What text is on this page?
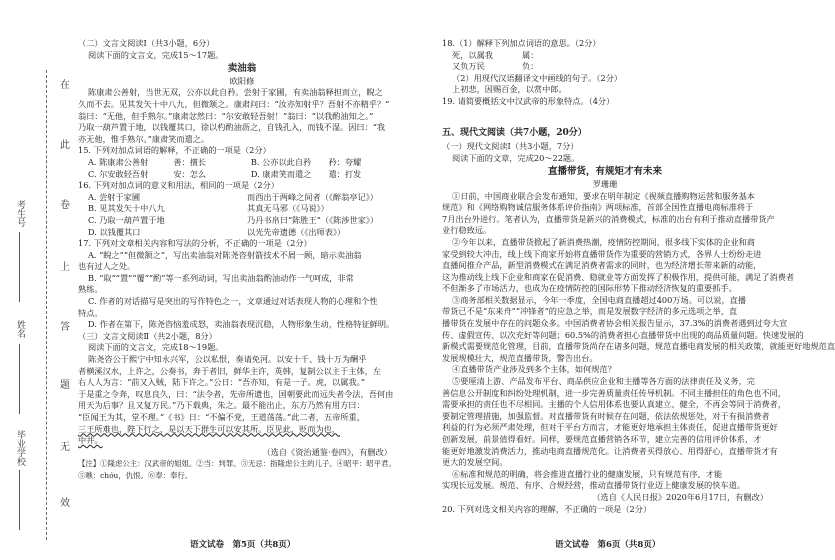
在
此
卷
上
答
题
无
效
考生号
姓名
毕业学校
（二）文言文阅读Ⅰ（共3小题，6分）
阅读下面的文言文，完成15～17题。
卖油翁
欧阳修
陈康肃公善射，当世无双，公亦以此自矜。尝射于家圃，有卖油翁释担而立，睨之
久而不去。见其发矢十中八九，但微颔之。康肃问曰：“汝亦知射乎？吾射不亦精乎？”
翁曰：“无他，但手熟尔。”康肃忿然曰：“尔安敢轻吾射！”翁曰：“以我酌油知之。”
乃取一葫芦置于地，以钱覆其口，徐以杓酌油沥之，自钱孔入，而钱不湿。因曰：“我
亦无他，惟手熟尔。”康肃笑而遣之。
15. 下列对加点词语的解释，不正确的一项是（2分）
A. 陈康肃公善射	善：擅长	B. 公亦以此自矜	矜：夸耀
C. 尔安敢轻吾射	安：怎么	D. 康肃笑而遣之	遣：打发
16. 下列对加点词的意义和用法，相同的一项是（2分）
A. 尝射于家圃	而西出于两峰之间者（《醉翁亭记》）
B. 见其发矢十中八九	其真无马邪（《马说》）
C. 乃取一葫芦置于地	乃丹书帛曰“陈胜王”（《陈涉世家》）
D. 以钱覆其口	以光先帝遗德（《出师表》）
17. 下列对文章相关内容和写法的分析，不正确的一项是（2分）
A. “睨之”“但微颔之”，写出卖油翁对陈尧咨射箭技术不屑一顾，暗示卖油翁
也有过人之处。
B. “取”“置”“覆”“酌”等一系列动词，写出卖油翁酌油动作一气呵成，非常
熟练。
C. 作者的对话描写是突出的写作特色之一，文章通过对话表现人物的心理和个性
特点。
D. 作者在第下，陈尧咨恼羞成怒，卖油翁表现沉稳，人物形象生动，性格特征鲜明。
（三）文言文阅读Ⅱ（共2小题，8分）
阅读下面的文言文，完成18～19题。
陈尧咨公于熙宁中知永兴军，公以私恨，奏请免河。以安十千、钱十万为酬乎
者横溪汉水，上许之，公奏书，奔于者旧，鲜华主许，英韩，复制公以主于主体，左
右人人为言：“前又入贼，陆下许之。”公日：“吾亦知，有是一子。虎，以属我。”
于是重之令奔，叹息良久，曰：“法令者，先帝所遗也，国朝要此而远失者令法，吾何由
用天为后事？且又复万民。”乃下载典，朱之。最不能出止，东方乃然有用方曰：
“臣闻王为其，堂不理。”《书》日：“不偏不党，王道荡荡。”此二者，五帝所重，
三王所难也，陛下行之，是以天下群生可以安其所。臣见此，贬而为也，
中井。
（选自《资治通鉴·卷四》，有删改）
【注】①隆虑公主：汉武帝的姐姐。②当：判罪。③无忌：指隆虑公主的儿子。④昭平：昭平君。
⑤噍：chóu，仇恨。⑥奉：奉行。
18.（1）解释下列加点词语的意思。（2分）
死，以属我	属：
又负万民	负：
（2）用现代汉语翻译文中画线的句子。（2分）
上初悲，因赐百金，以赏中郎。
19. 请简要概括文中汉武帝的形象特点。（4分）
五、现代文阅读（共7小题，20分）
（一）现代文阅读Ⅰ（共3小题，7分）
阅读下面的文章，完成20～22题。
直播带货，有规矩才有未来
罗珊珊
①日前，中国商业联合会发布通知，要求在明年制定《视频直播购物运营和服务基本
规范》和《网络购物诚信服务体系评价指南》两项标准，首部全国性直播电商标准将于
7月出台外进行。笔者认为，直播带货是新兴的消费模式，标准的出台有利于推动直播带货产
业行稳致远。
②今年以来，直播带货掀起了新消费热潮，疫情防控期间，很多线下实体的企业和商
家受到较大冲击，线上线下商家开始将直播带货作为重要的营销方式，各界人士纷纷走进
直播间推介产品，新型消费模式在满足消费者需求的同时，也为经济增长带来新的动能，
这为推动线上线下企业和商家在促消费、稳就业等方面发挥了积极作用，提供可能，满足了消费者
不但渐多了市场活力，也成为在疫情防控的国际形势下推动经济恢复的重要抓手。
③商务部相关数据显示，今年一季度，全国电商直播超过400万场。可以说，直播
带货已不是“东来舟”“冲锋者”的应急之举，而是发展数字经济的多元选项之举，直
播带货在发展中存在的问题众多。中国消费者协会相关报告显示，37.3%的消费者遇到过夸大宣
传、虚假宣传、以次充好等问题；60.5%的消费者担心直播带货中出现的商品质量问题。快速发展的
新模式需要规范化管理，目前，直播带货尚存在诸多问题，规范直播电商发展的相关政策，就能更好地规范直
发展规模壮大，规范直播带货，警告出台。
④直播带货产业涉及到多个主体，如何规范？
⑤要厘清上游、产品发布平台、商品供应企业和主播等各方面的法律责任及义务，完
善信息公开制度和纠纷处理机制，进一步完善质量责任传导机制。不同主播担任的角色也不同，
需要承担的责任也不尽相同。主播的个人信用体系也要认真建立、健全，不再会等同于消费者，
要制定管理措施，加强监督。对直播带货有时候存在问题，依法依规惩处，对于有损消费者
利益的行为必须严肃处理，但对于平台方而言，才能更好地承担主体责任，促进直播带货更好
创新发展，前景值得看好。同样，要规范直播营销各环节，建立完善的信用评价体系，才
能更好地激发消费活力，推动电商直播规范化。让消费者买得放心、用得舒心，直播带货才有
更大的发展空间。
⑥标准和规范的明确，将会推进直播行业的健康发展，只有规范有序，才能
实现长远发展。规范、有序、合规经营，推动直播带货行业迈上健康发展的快车道。
（选自《人民日报》2020年6月17日，有删改）
20. 下列对选文相关内容的理解，不正确的一项是（2分）
语文试卷　第5页（共8页）	语文试卷　第6页（共8页）
